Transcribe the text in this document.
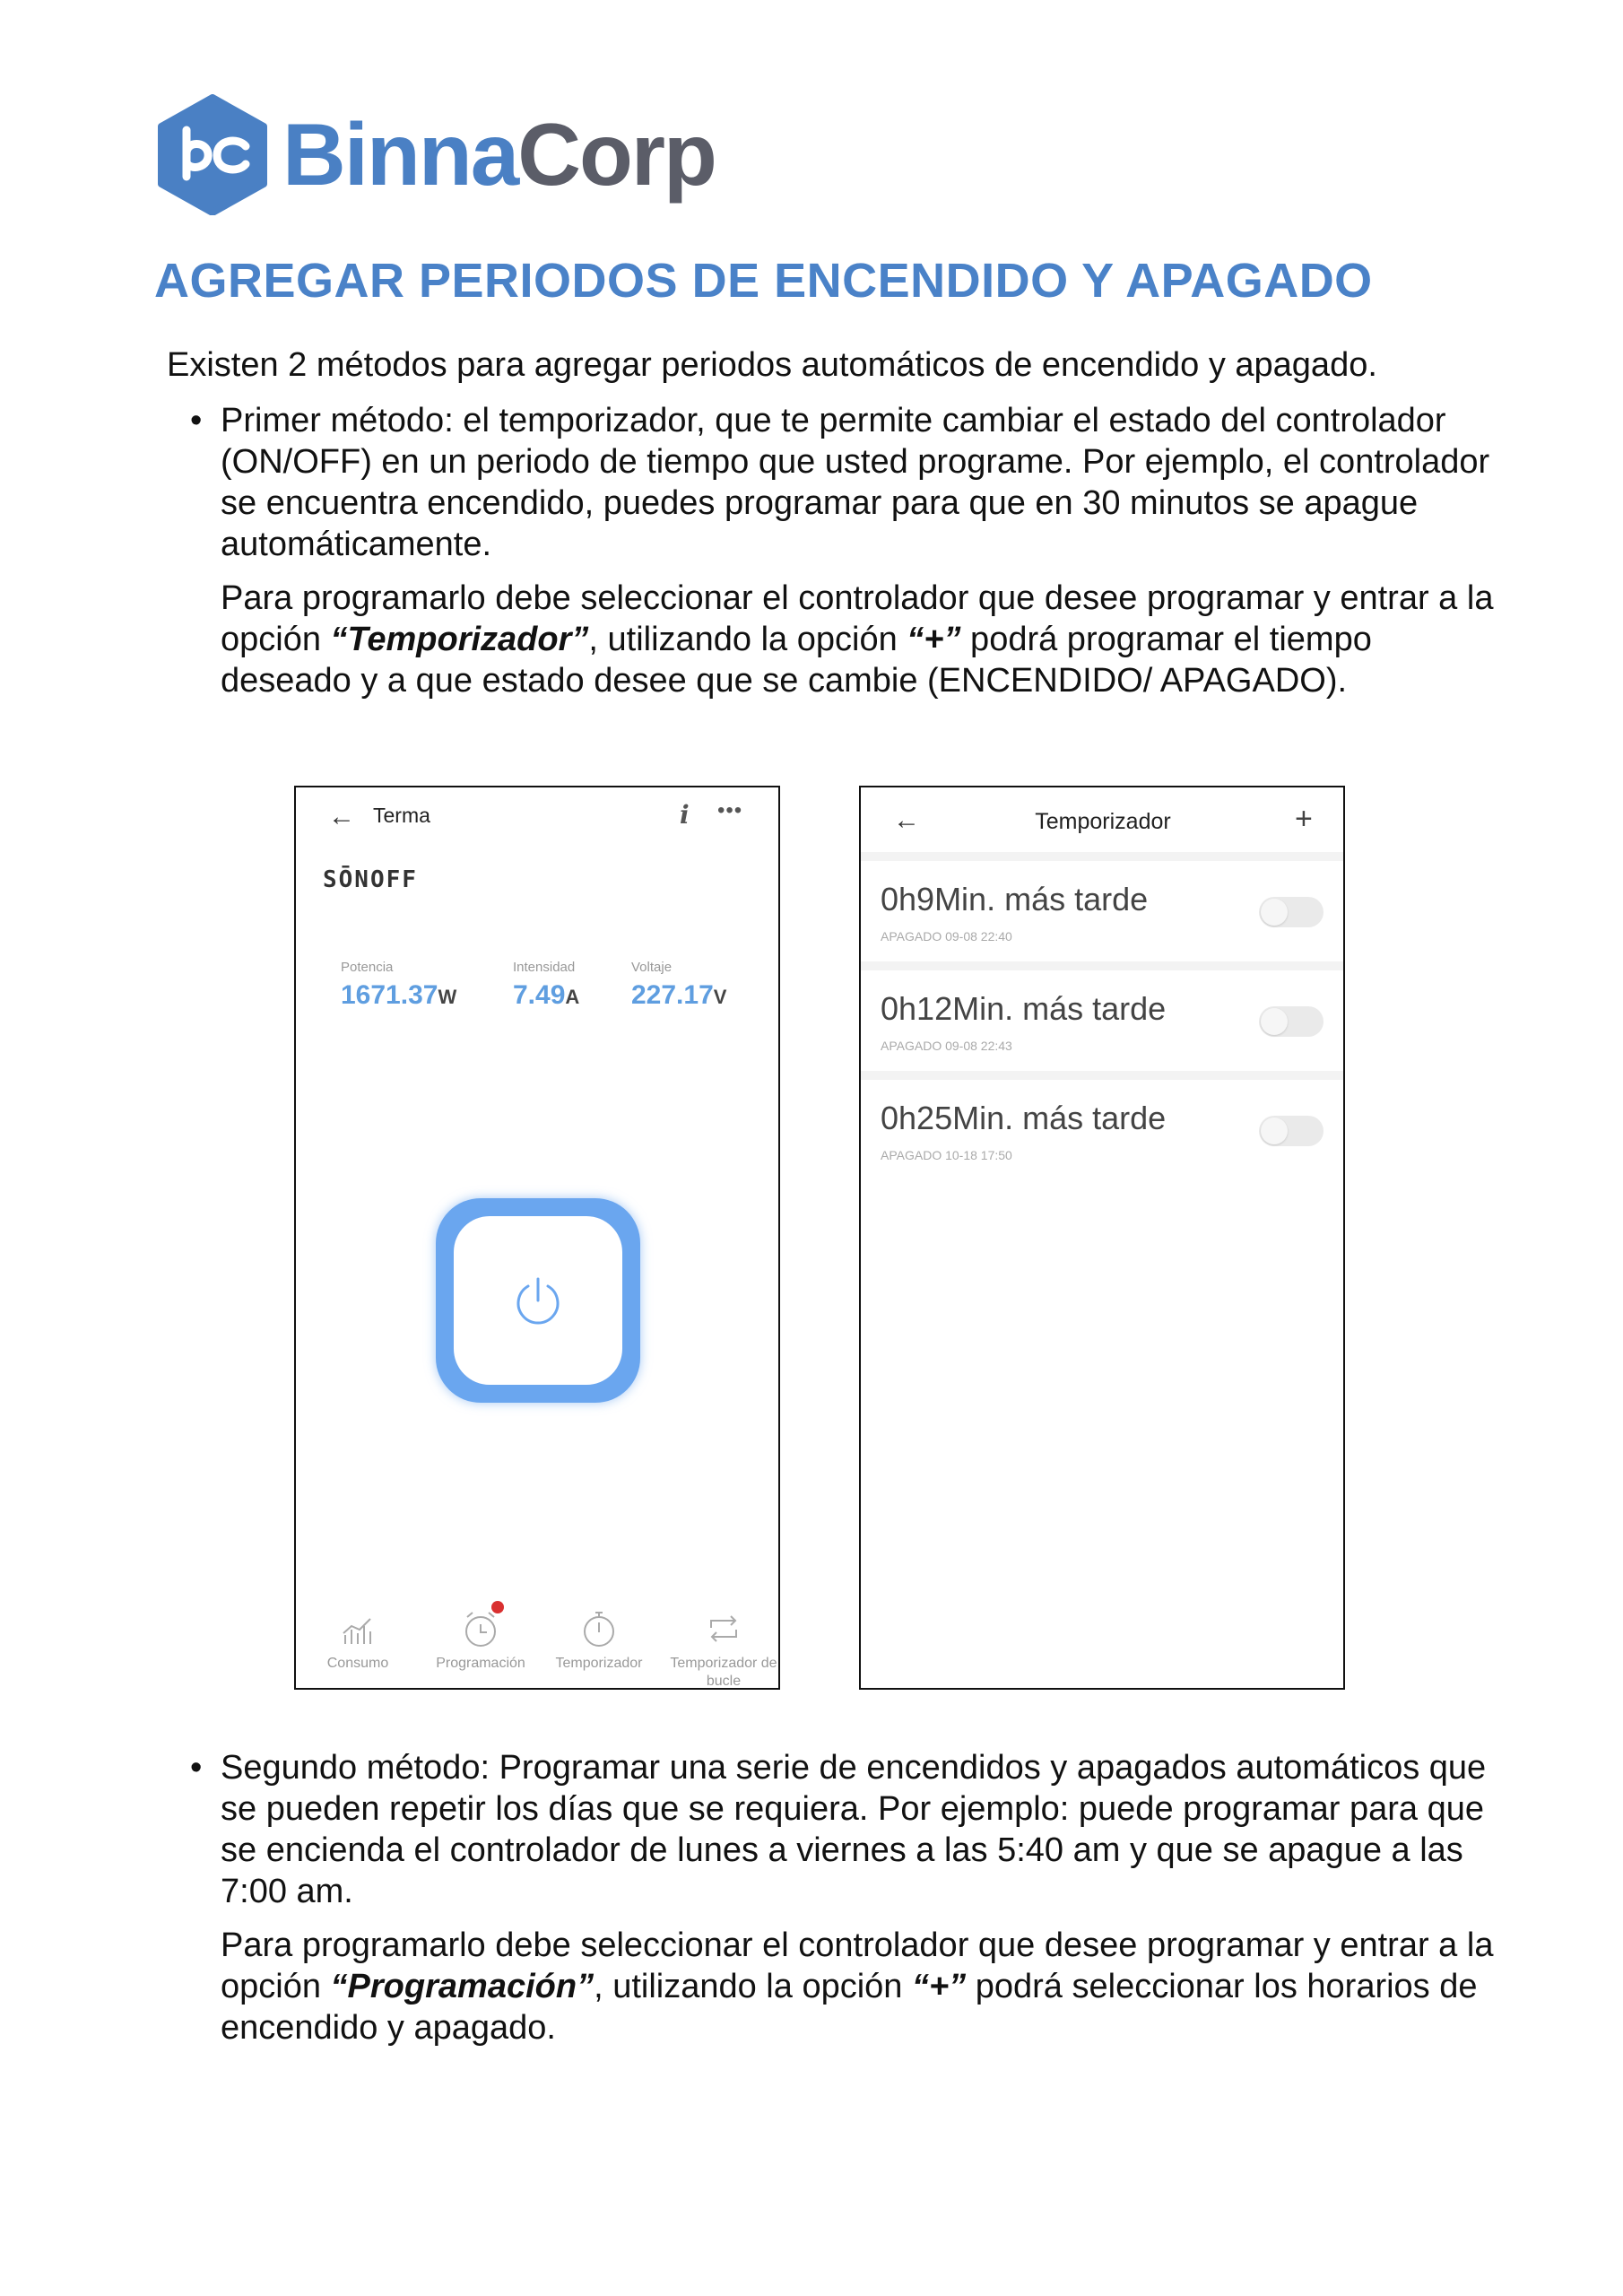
BinnaCorp
AGREGAR PERIODOS DE ENCENDIDO Y APAGADO

Existen 2 métodos para agregar periodos automáticos de encendido y apagado.

• Primer método: el temporizador, que te permite cambiar el estado del controlador (ON/OFF) en un periodo de tiempo que usted programe. Por ejemplo, el controlador se encuentra encendido, puedes programar para que en 30 minutos se apague automáticamente.

Para programarlo debe seleccionar el controlador que desee programar y entrar a la opción “Temporizador”, utilizando la opción “+” podrá programar el tiempo deseado y a que estado desee que se cambie (ENCENDIDO/ APAGADO).

← Terma	i •••
SŌNOFF
Potencia
1671.37W
Intensidad
7.49A
Voltaje
227.17V
Consumo	Programación	Temporizador	Temporizador de bucle
←	Temporizador	+
0h9Min. más tarde
APAGADO 09-08 22:40
0h12Min. más tarde
APAGADO 09-08 22:43
0h25Min. más tarde
APAGADO 10-18 17:50
• Segundo método: Programar una serie de encendidos y apagados automáticos que se pueden repetir los días que se requiera. Por ejemplo: puede programar para que se encienda el controlador de lunes a viernes a las 5:40 am y que se apague a las 7:00 am.

Para programarlo debe seleccionar el controlador que desee programar y entrar a la opción “Programación”, utilizando la opción “+” podrá seleccionar los horarios de encendido y apagado.
